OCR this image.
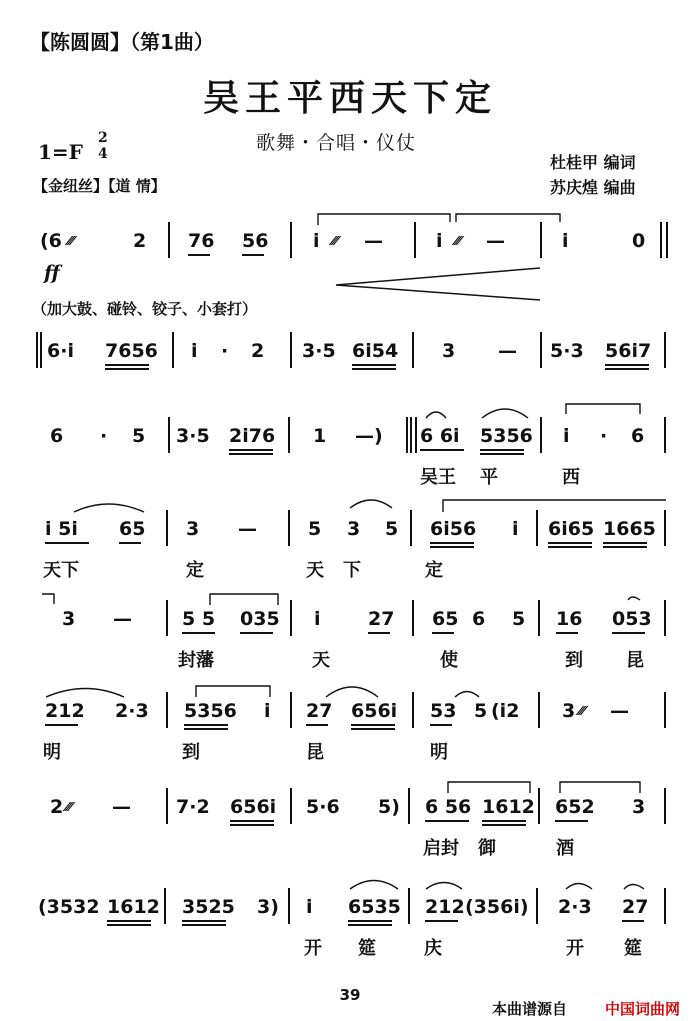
【陈圆圆】（第1曲）
吴王平西天下定
1=F
2
4	歌舞・合唱・仪仗
杜桂甲 编词
苏庆煌 编曲
【金纽丝】【道 情】
ff
（加大鼓、碰铃、铰子、小套打）
(6 ⁄⁄⁄	2 76 56 i ⁄⁄⁄ —	i ⁄⁄⁄ —	i	0
6·i 7656 i · 2 3·5 6i54 3 — 5·3 56i7
6 · 5 3·5 2i76 1 —) 6 6i 5356 i · 6
吴王 平	西
i 5i 65 3 —	5 3 5 6i56 i 6i65 1665
天下	定	天 下	定
3 —	5 5 035 i 27 65 6 5 16 053
封藩	天	使	到 昆
212 2·3 5356 i 27 656i 53 5 (i2 3 ⁄⁄⁄ —
明	到	昆	明
2 ⁄⁄⁄ — 7·2 656i 5·6 5) 6 56 1612 652 3
启封 御	酒
(3532 1612 3525 3) i 6535 212 (356i) 2·3 27
开 筵	庆	开 筵
39
本曲谱源自	中国词曲网
